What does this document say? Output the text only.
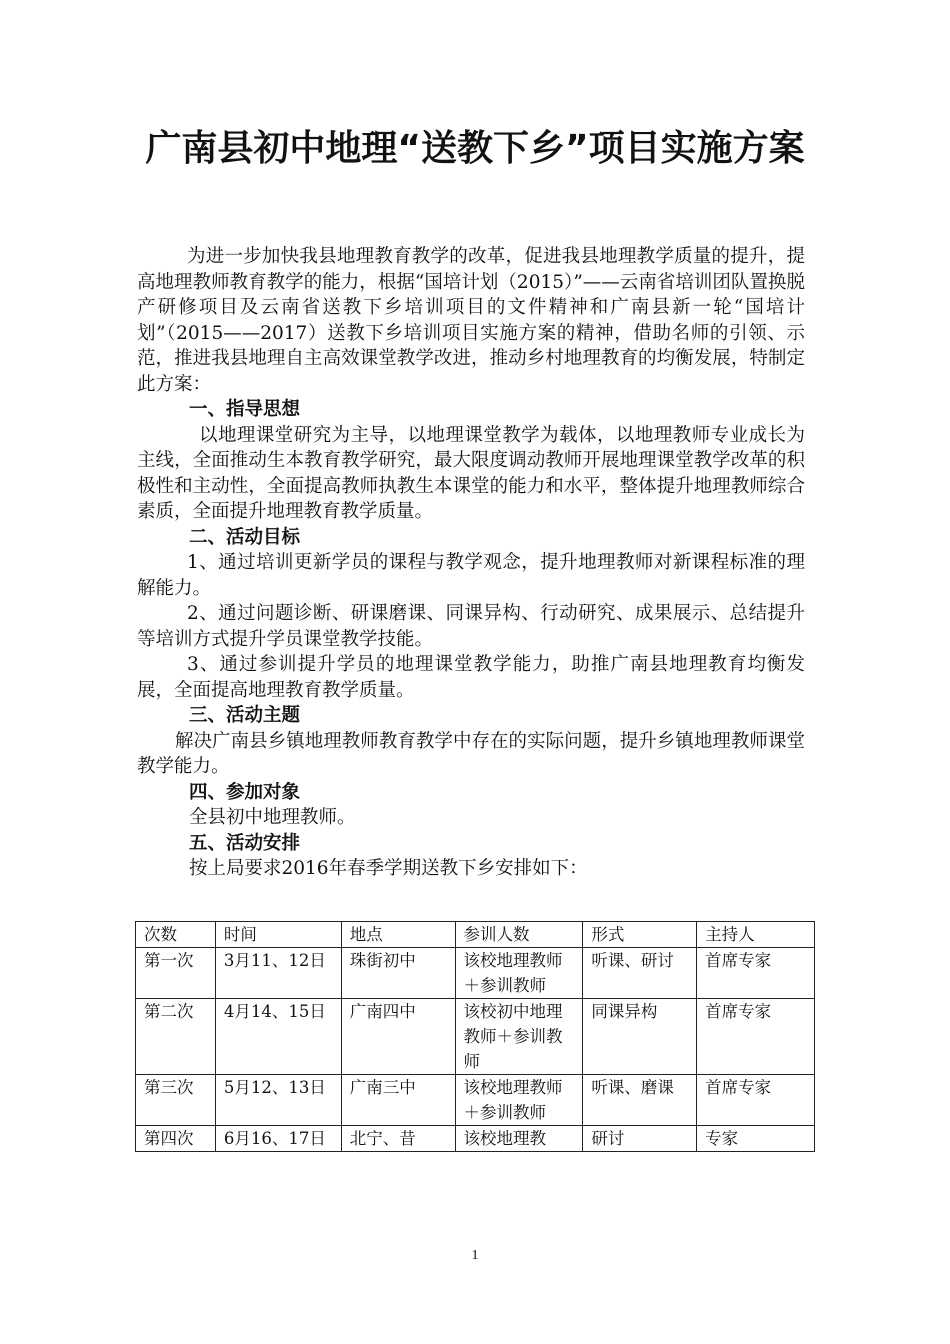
广南县初中地理“送教下乡”项目实施方案

为进一步加快我县地理教育教学的改革，促进我县地理教学质量的提升，提高地理教师教育教学的能力，根据“国培计划（2015）”——云南省培训团队置换脱产研修项目及云南省送教下乡培训项目的文件精神和广南县新一轮“国培计划”（2015——2017）送教下乡培训项目实施方案的精神，借助名师的引领、示范，推进我县地理自主高效课堂教学改进，推动乡村地理教育的均衡发展，特制定此方案：

一、指导思想

以地理课堂研究为主导，以地理课堂教学为载体，以地理教师专业成长为主线，全面推动生本教育教学研究，最大限度调动教师开展地理课堂教学改革的积极性和主动性，全面提高教师执教生本课堂的能力和水平，整体提升地理教师综合素质，全面提升地理教育教学质量。

二、活动目标

1、通过培训更新学员的课程与教学观念，提升地理教师对新课程标准的理解能力。

2、通过问题诊断、研课磨课、同课异构、行动研究、成果展示、总结提升等培训方式提升学员课堂教学技能。

3、通过参训提升学员的地理课堂教学能力，助推广南县地理教育均衡发展，全面提高地理教育教学质量。

三、活动主题

解决广南县乡镇地理教师教育教学中存在的实际问题，提升乡镇地理教师课堂教学能力。

四、参加对象

全县初中地理教师。

五、活动安排

按上局要求2016年春季学期送教下乡安排如下：

次数	时间	地点	参训人数	形式	主持人
第一次	3月11、12日	珠街初中	该校地理教师＋参训教师	听课、研讨	首席专家
第二次	4月14、15日	广南四中	该校初中地理教师＋参训教师	同课异构	首席专家
第三次	5月12、13日	广南三中	该校地理教师＋参训教师	听课、磨课	首席专家
第四次	6月16、17日	北宁、昔	该校地理教	研讨	专家
1
